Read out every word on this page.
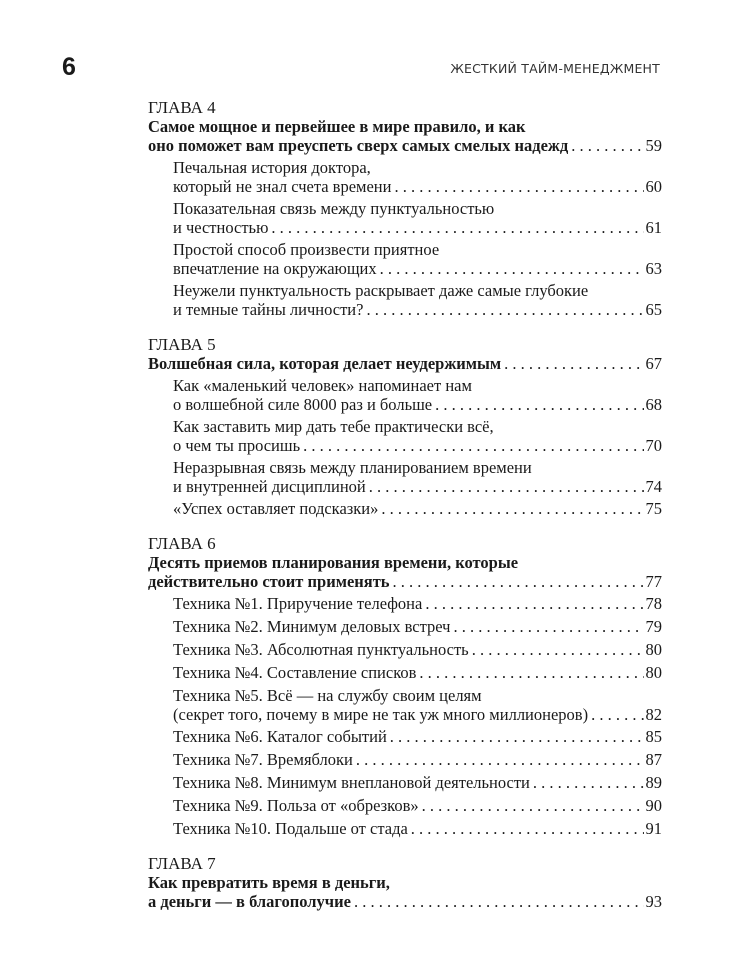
6	ЖЕСТКИЙ ТАЙМ-МЕНЕДЖМЕНТ
ГЛАВА 4
Самое мощное и первейшее в мире правило, и как
оно поможет вам преуспеть сверх самых смелых надежд . . .	59
Печальная история доктора,
который не знал счета времени . . .	60
Показательная связь между пунктуальностью
и честностью . . .	61
Простой способ произвести приятное
впечатление на окружающих . . .	63
Неужели пунктуальность раскрывает даже самые глубокие
и темные тайны личности? . . .	65
ГЛАВА 5
Волшебная сила, которая делает неудержимым . . .	67
Как «маленький человек» напоминает нам
о волшебной силе 8000 раз и больше . . .	68
Как заставить мир дать тебе практически всё,
о чем ты просишь . . .	70
Неразрывная связь между планированием времени
и внутренней дисциплиной . . .	74
«Успех оставляет подсказки» . . .	75
ГЛАВА 6
Десять приемов планирования времени, которые
действительно стоит применять . . .	77
Техника №1. Приручение телефона . . .	78
Техника №2. Минимум деловых встреч . . .	79
Техника №3. Абсолютная пунктуальность . . .	80
Техника №4. Составление списков . . .	80
Техника №5. Всё — на службу своим целям
(секрет того, почему в мире не так уж много миллионеров) . . .	82
Техника №6. Каталог событий . . .	85
Техника №7. Времяблоки . . .	87
Техника №8. Минимум внеплановой деятельности . . .	89
Техника №9. Польза от «обрезков» . . .	90
Техника №10. Подальше от стада . . .	91
ГЛАВА 7
Как превратить время в деньги,
а деньги — в благополучие . . .	93
